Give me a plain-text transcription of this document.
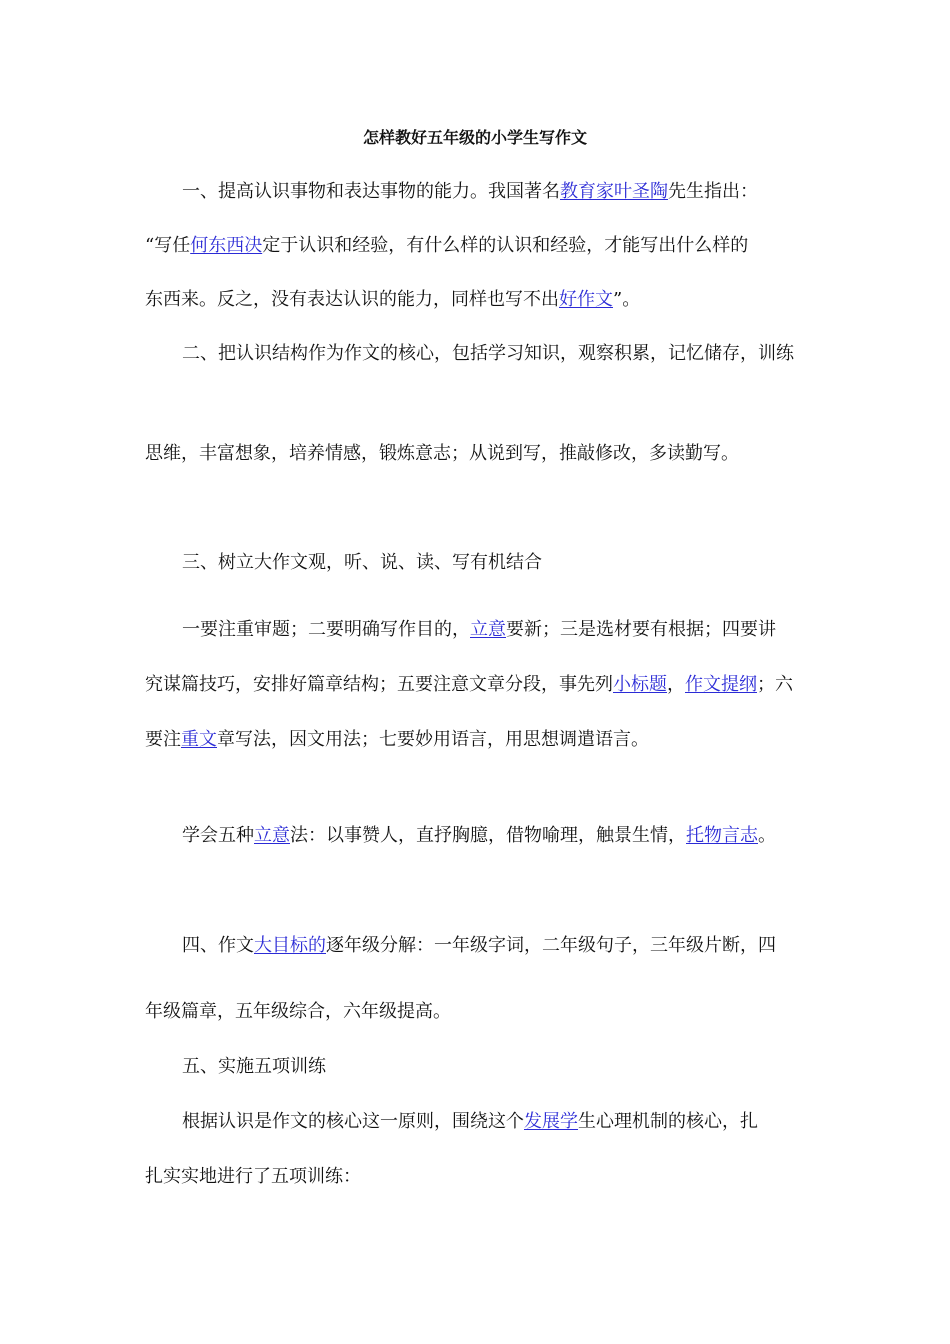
怎样教好五年级的小学生写作文

一、提高认识事物和表达事物的能力。我国著名教育家叶圣陶先生指出：

“写任何东西决定于认识和经验，有什么样的认识和经验，才能写出什么样的

东西来。反之，没有表达认识的能力，同样也写不出好作文”。

二、把认识结构作为作文的核心，包括学习知识，观察积累，记忆储存，训练

思维，丰富想象，培养情感，锻炼意志；从说到写，推敲修改，多读勤写。

三、树立大作文观，听、说、读、写有机结合

一要注重审题；二要明确写作目的，立意要新；三是选材要有根据；四要讲

究谋篇技巧，安排好篇章结构；五要注意文章分段，事先列小标题，作文提纲；六

要注重文章写法，因文用法；七要妙用语言，用思想调遣语言。

学会五种立意法：以事赞人，直抒胸臆，借物喻理，触景生情，托物言志。

四、作文大目标的逐年级分解：一年级字词，二年级句子，三年级片断，四

年级篇章，五年级综合，六年级提高。

五、实施五项训练

根据认识是作文的核心这一原则，围绕这个发展学生心理机制的核心，扎

扎实实地进行了五项训练：
